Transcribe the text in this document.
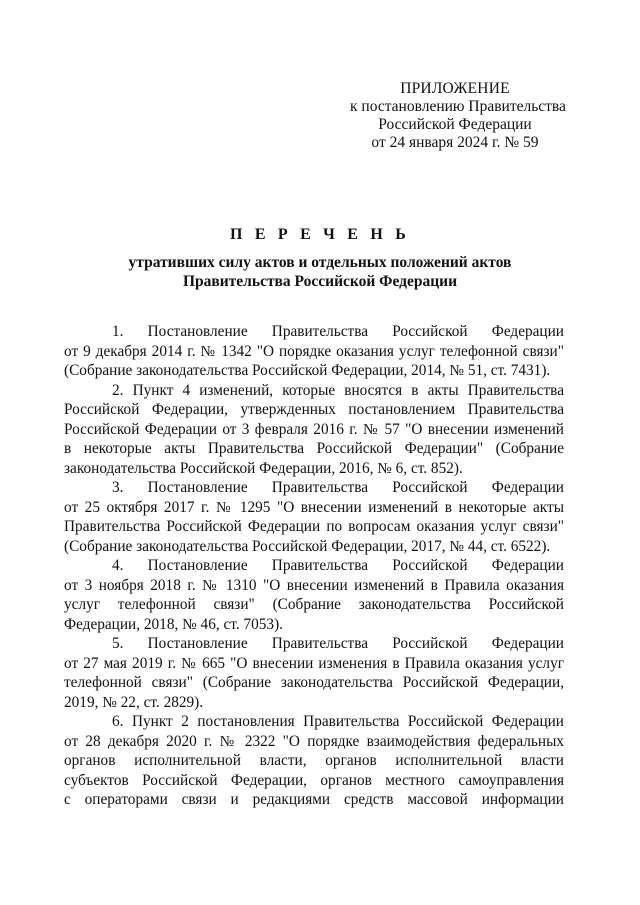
ПРИЛОЖЕНИЕ
к постановлению Правительства
Российской Федерации
от 24 января 2024 г. № 59
П Е Р Е Ч Е Н Ь
утративших силу актов и отдельных положений актов
Правительства Российской Федерации
1. Постановление Правительства Российской Федерации
от 9 декабря 2014 г. № 1342 "О порядке оказания услуг телефонной связи"
(Собрание законодательства Российской Федерации, 2014, № 51, ст. 7431).
2. Пункт 4 изменений, которые вносятся в акты Правительства
Российской Федерации, утвержденных постановлением Правительства
Российской Федерации от 3 февраля 2016 г. № 57 "О внесении изменений
в некоторые акты Правительства Российской Федерации" (Собрание
законодательства Российской Федерации, 2016, № 6, ст. 852).
3. Постановление Правительства Российской Федерации
от 25 октября 2017 г. № 1295 "О внесении изменений в некоторые акты
Правительства Российской Федерации по вопросам оказания услуг связи"
(Собрание законодательства Российской Федерации, 2017, № 44, ст. 6522).
4. Постановление Правительства Российской Федерации
от 3 ноября 2018 г. № 1310 "О внесении изменений в Правила оказания
услуг телефонной связи" (Собрание законодательства Российской
Федерации, 2018, № 46, ст. 7053).
5. Постановление Правительства Российской Федерации
от 27 мая 2019 г. № 665 "О внесении изменения в Правила оказания услуг
телефонной связи" (Собрание законодательства Российской Федерации,
2019, № 22, ст. 2829).
6. Пункт 2 постановления Правительства Российской Федерации
от 28 декабря 2020 г. № 2322 "О порядке взаимодействия федеральных
органов исполнительной власти, органов исполнительной власти
субъектов Российской Федерации, органов местного самоуправления
с операторами связи и редакциями средств массовой информации
